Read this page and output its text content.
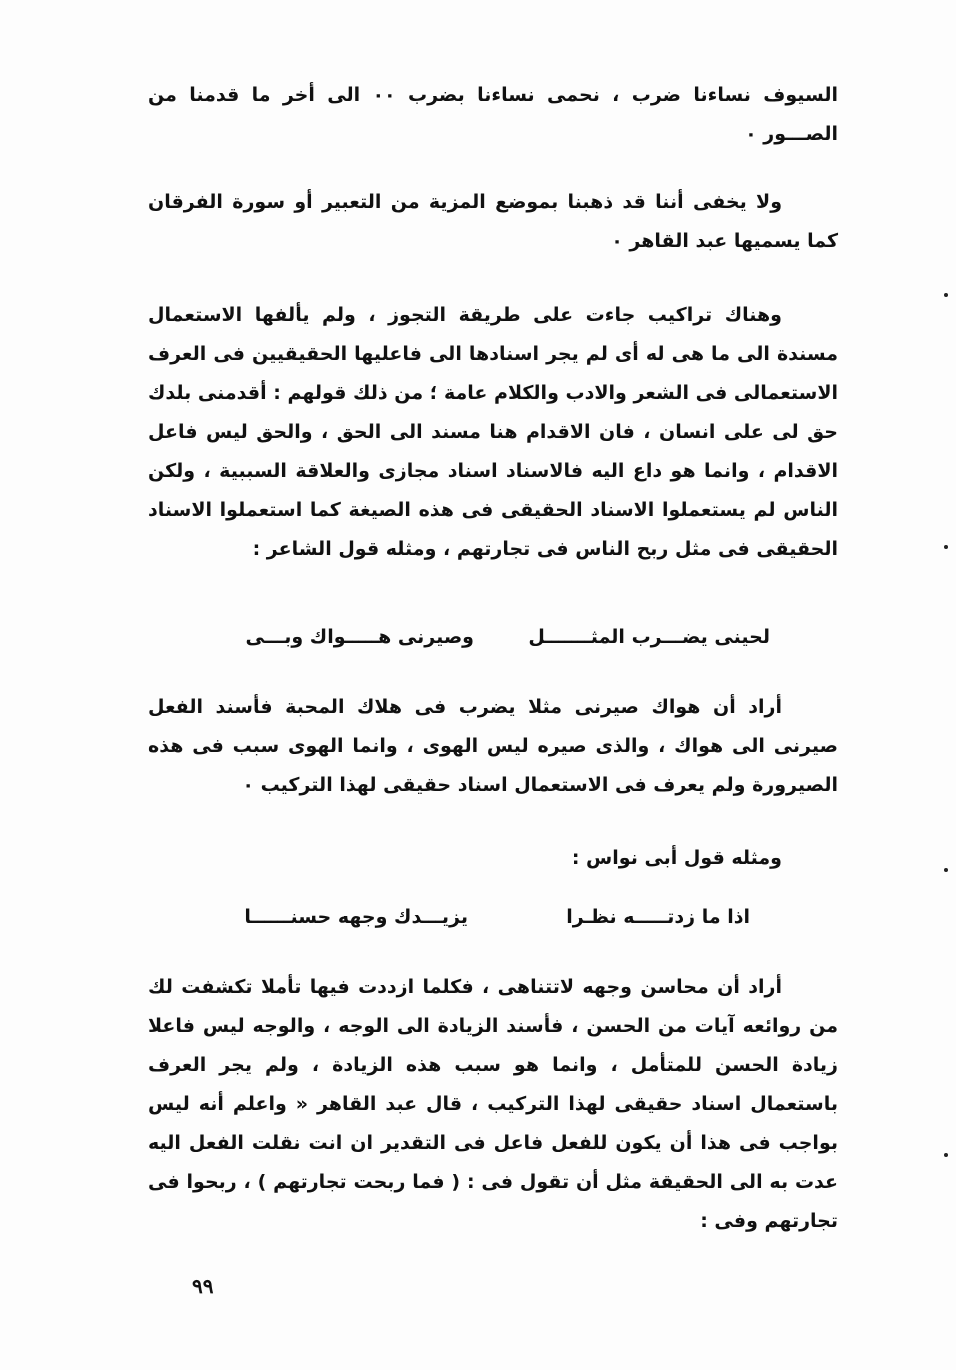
السيوف نساءنا ضرب ، نحمى نساءنا بضرب ٠٠ الى أخر ما قدمنا من الصـــور ٠
ولا يخفى أننا قد ذهبنا بموضع المزية من التعبير أو سورة الفرقان كما يسميها عبد القاهر ٠
وهناك تراكيب جاءت على طريقة التجوز ، ولم يألفها الاستعمال مسندة الى ما هى له أى لم يجر اسنادها الى فاعليها الحقيقيين فى العرف الاستعمالى فى الشعر والادب والكلام عامة ؛ من ذلك قولهم : أقدمنى بلدك حق لى على انسان ، فان الاقدام هنا مسند الى الحق ، والحق ليس فاعل الاقدام ، وانما هو داع اليه فالاسناد اسناد مجازى والعلاقة السببية ، ولكن الناس لم يستعملوا الاسناد الحقيقى فى هذه الصيغة كما استعملوا الاسناد الحقيقى فى مثل ربح الناس فى تجارتهم ، ومثله قول الشاعر :
لحينى يضـــرب المثـــــــل
وصيرنى هـــــواك وبـــى
أراد أن هواك صيرنى مثلا يضرب فى هلاك المحبة فأسند الفعل صيرنى الى هواك ، والذى صيره ليس الهوى ، وانما الهوى سبب فى هذه الصيرورة ولم يعرف فى الاستعمال اسناد حقيقى لهذا التركيب ٠
ومثله قول أبى نواس :
اذا ما زدتـــــه نظـرا
يزيـــدك وجهه حسنــــــا
أراد أن محاسن وجهه لاتتناهى ، فكلما ازددت فيها تأملا تكشفت لك من روائعه آيات من الحسن ، فأسند الزيادة الى الوجه ، والوجه ليس فاعلا زيادة الحسن للمتأمل ، وانما هو سبب هذه الزيادة ، ولم يجر العرف باستعمال اسناد حقيقى لهذا التركيب ، قال عبد القاهر « واعلم أنه ليس بواجب فى هذا أن يكون للفعل فاعل فى التقدير ان انت نقلت الفعل اليه عدت به الى الحقيقة مثل أن تقول فى : ( فما ربحت تجارتهم ) ، ربحوا فى تجارتهم وفى :
٩٩
